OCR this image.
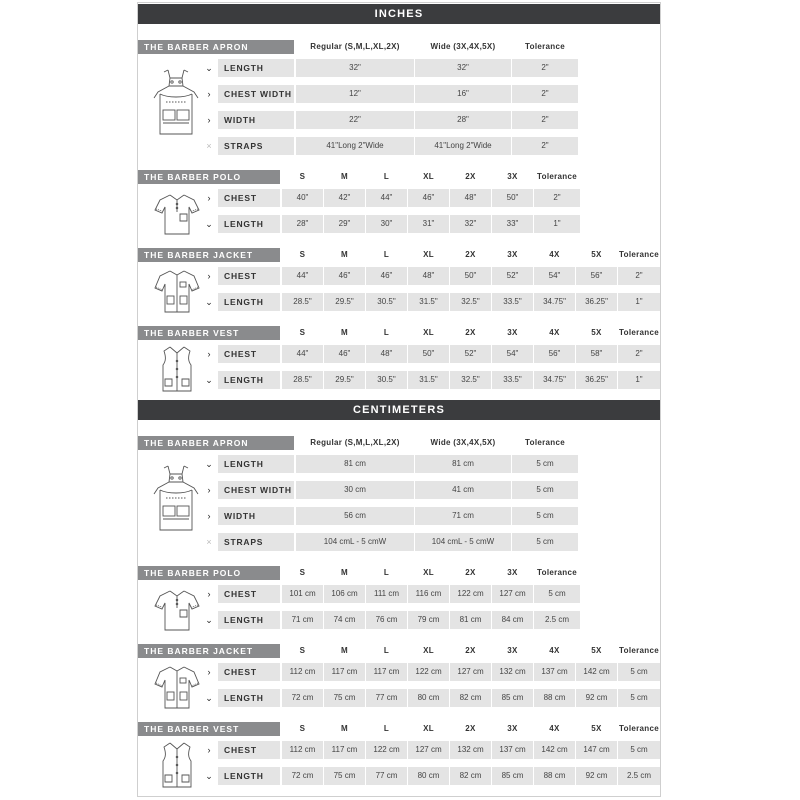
INCHES
THE BARBER APRON	Regular (S,M,L,XL,2X)	Wide (3X,4X,5X)	Tolerance
⌄	LENGTH	32"	32"	2"
›	CHEST WIDTH	12"	16"	2"
›	WIDTH	22"	28"	2"
×	STRAPS	41"Long 2"Wide	41"Long 2"Wide	2"
THE BARBER POLO	S	M	L	XL	2X	3X	Tolerance
›	CHEST	40"	42"	44"	46"	48"	50"	2"
⌄	LENGTH	28"	29"	30"	31"	32"	33"	1"
THE BARBER JACKET	S	M	L	XL	2X	3X	4X	5X	Tolerance
›	CHEST	44"	46"	46"	48"	50"	52"	54"	56"	2"
⌄	LENGTH	28.5"	29.5"	30.5"	31.5"	32.5"	33.5"	34.75"	36.25"	1"
THE BARBER VEST	S	M	L	XL	2X	3X	4X	5X	Tolerance
›	CHEST	44"	46"	48"	50"	52"	54"	56"	58"	2"
⌄	LENGTH	28.5"	29.5"	30.5"	31.5"	32.5"	33.5"	34.75"	36.25"	1"
CENTIMETERS
THE BARBER APRON	Regular (S,M,L,XL,2X)	Wide (3X,4X,5X)	Tolerance
⌄	LENGTH	81 cm	81 cm	5 cm
›	CHEST WIDTH	30 cm	41 cm	5 cm
›	WIDTH	56 cm	71 cm	5 cm
×	STRAPS	104 cmL - 5 cmW	104 cmL - 5 cmW	5 cm
THE BARBER POLO	S	M	L	XL	2X	3X	Tolerance
›	CHEST	101 cm	106 cm	111 cm	116 cm	122 cm	127 cm	5 cm
⌄	LENGTH	71 cm	74 cm	76 cm	79 cm	81 cm	84 cm	2.5 cm
THE BARBER JACKET	S	M	L	XL	2X	3X	4X	5X	Tolerance
›	CHEST	112 cm	117 cm	117 cm	122 cm	127 cm	132 cm	137 cm	142 cm	5 cm
⌄	LENGTH	72 cm	75 cm	77 cm	80 cm	82 cm	85 cm	88 cm	92 cm	5 cm
THE BARBER VEST	S	M	L	XL	2X	3X	4X	5X	Tolerance
›	CHEST	112 cm	117 cm	122 cm	127 cm	132 cm	137 cm	142 cm	147 cm	5 cm
⌄	LENGTH	72 cm	75 cm	77 cm	80 cm	82 cm	85 cm	88 cm	92 cm	2.5 cm
